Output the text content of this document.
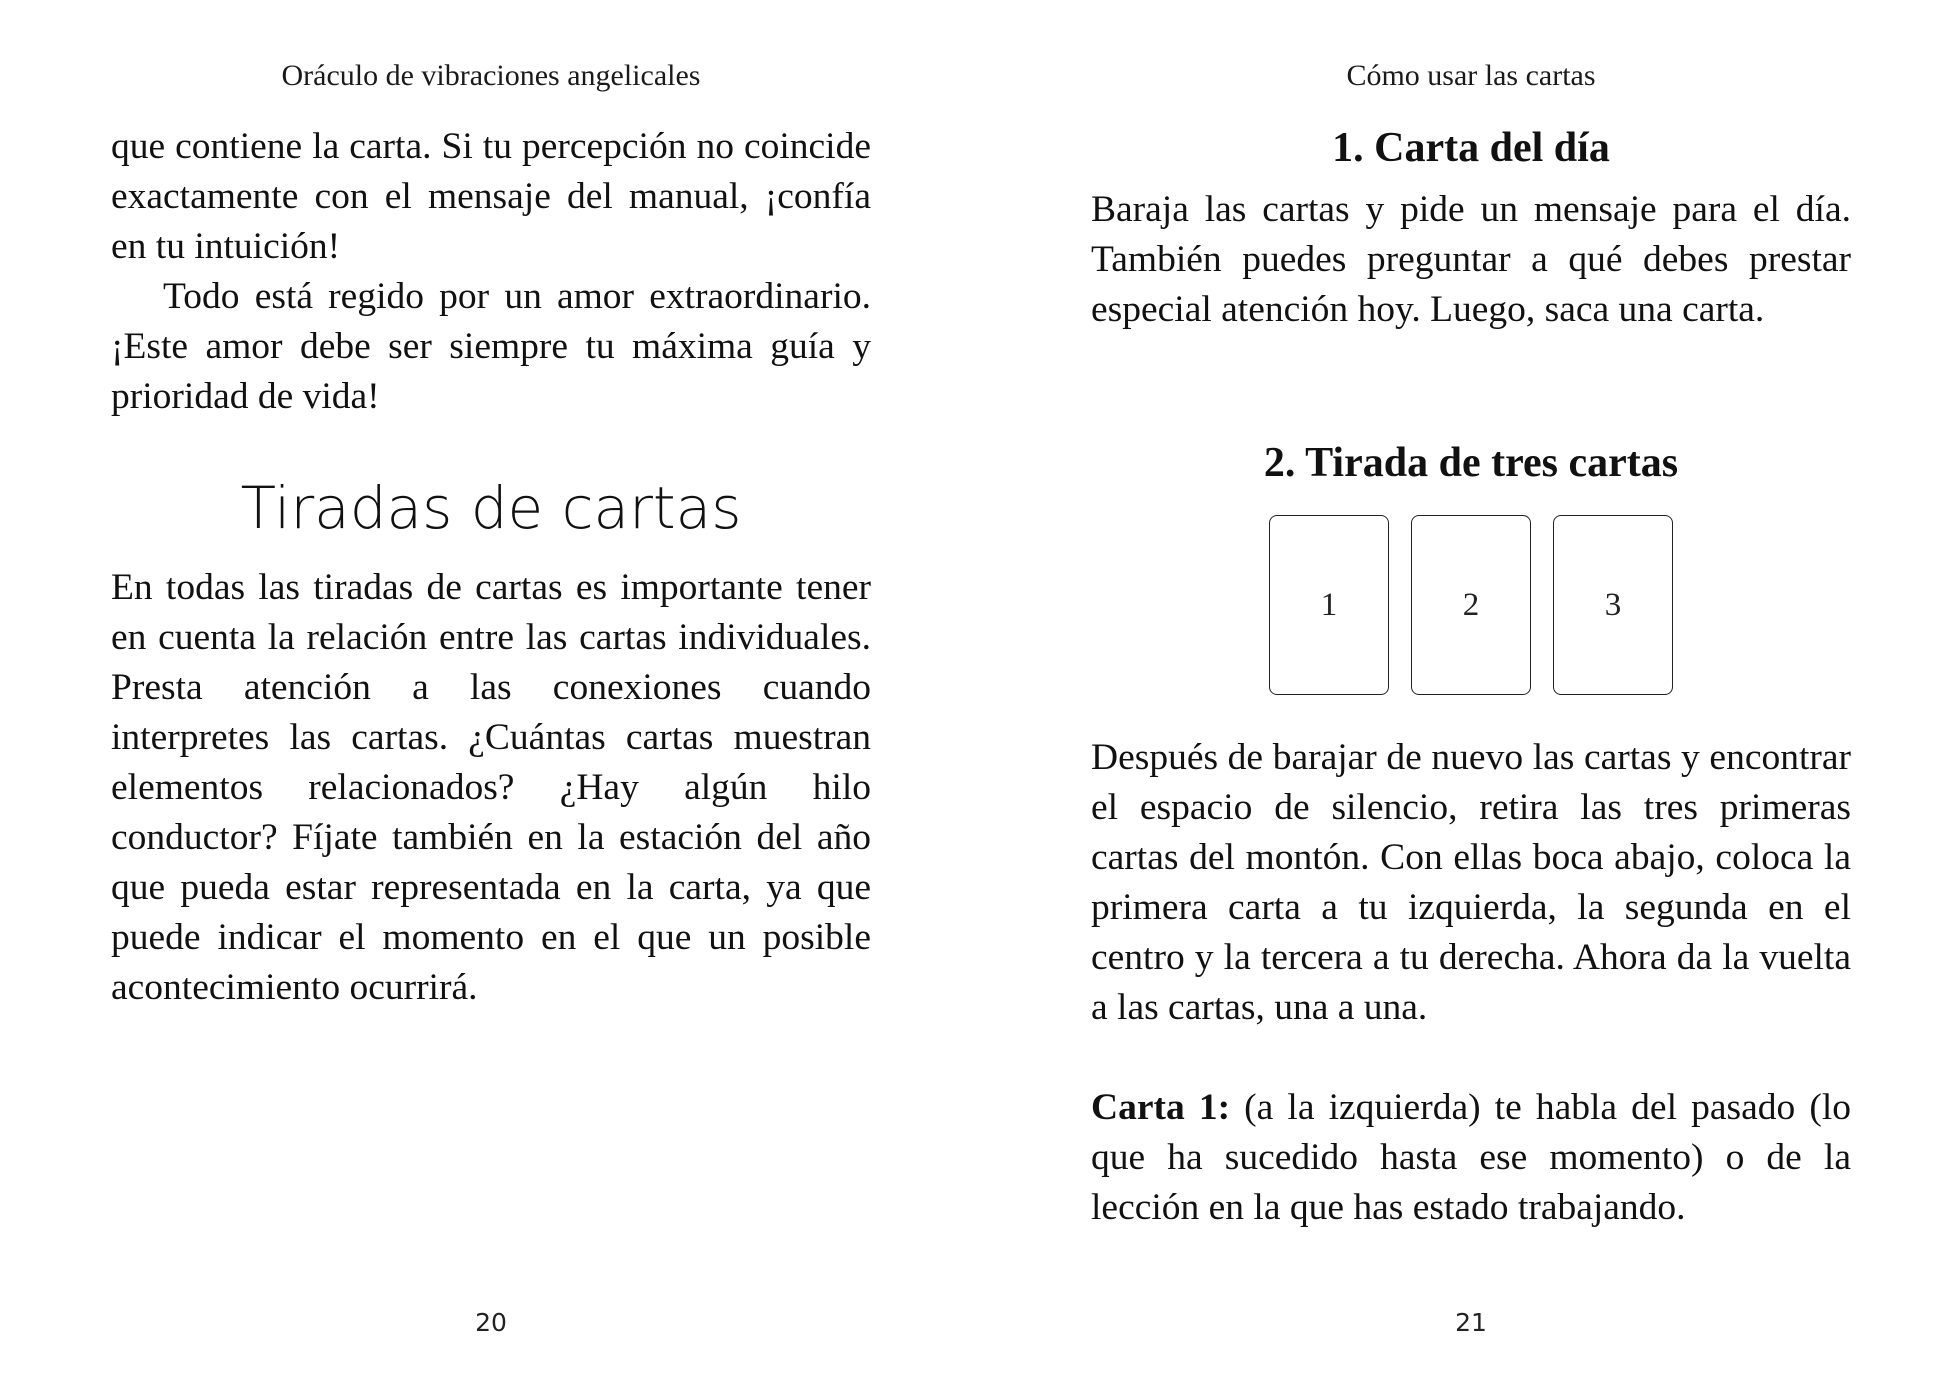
Oráculo de vibraciones angelicales

que contiene la carta. Si tu percepción no coincide exactamente con el mensaje del manual, ¡confía en tu intuición!

Todo está regido por un amor extraordinario. ¡Este amor debe ser siempre tu máxima guía y prioridad de vida!

Tiradas de cartas

En todas las tiradas de cartas es importante tener en cuenta la relación entre las cartas individuales. Presta atención a las conexiones cuando interpretes las cartas. ¿Cuántas cartas muestran elementos relacionados? ¿Hay algún hilo conductor? Fíjate también en la estación del año que pueda estar representada en la carta, ya que puede indicar el momento en el que un posible acontecimiento ocurrirá.

20
Cómo usar las cartas
1. Carta del día

Baraja las cartas y pide un mensaje para el día. También puedes preguntar a qué debes prestar especial atención hoy. Luego, saca una carta.

2. Tirada de tres cartas
1	2	3

Después de barajar de nuevo las cartas y encontrar el espacio de silencio, retira las tres primeras cartas del montón. Con ellas boca abajo, coloca la primera carta a tu izquierda, la segunda en el centro y la tercera a tu derecha. Ahora da la vuelta a las cartas, una a una.

Carta 1: (a la izquierda) te habla del pasado (lo que ha sucedido hasta ese momento) o de la lección en la que has estado trabajando.

21
